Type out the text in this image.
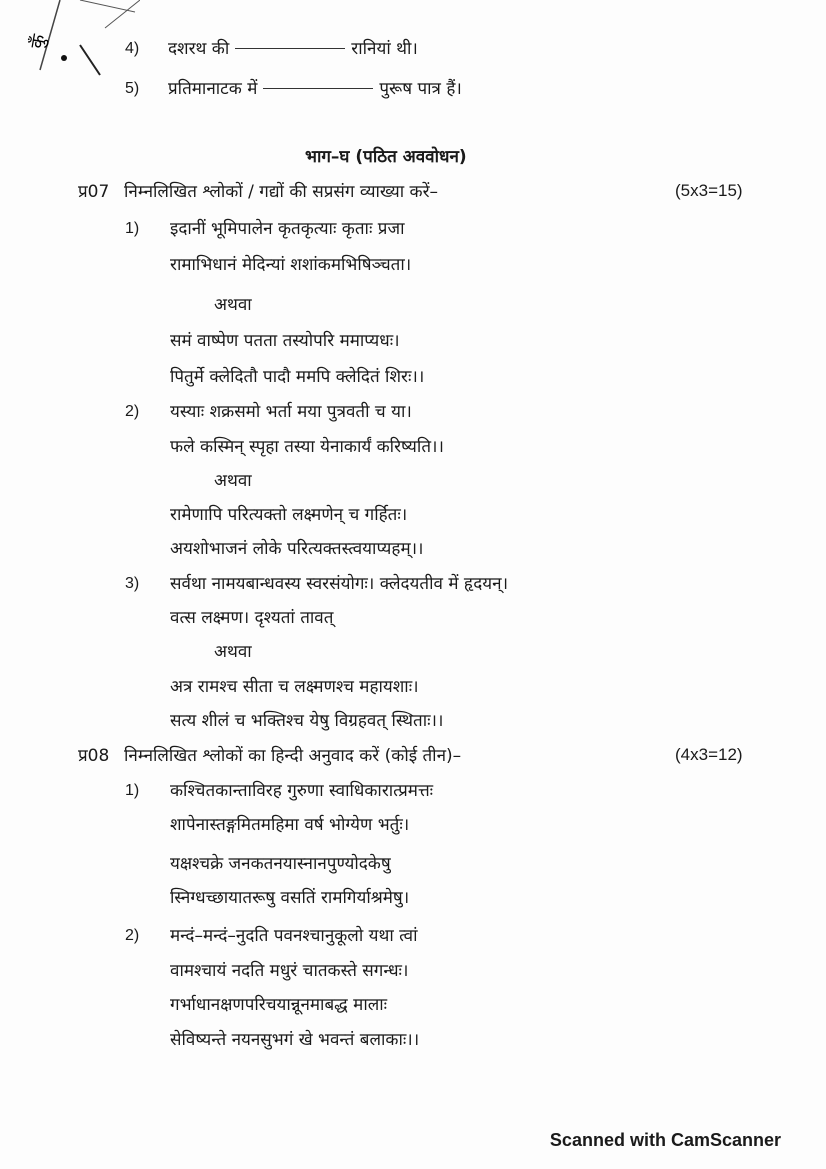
कुँ	4) दशरथ की	रानियां थी।
5) प्रतिमानाटक में	पुरूष पात्र हैं।
भाग–घ (पठित अववोधन)
प्र07 निम्नलिखित श्लोकों / गद्यों की सप्रसंग व्याख्या करें–	(5x3=15)
1) इदानीं भूमिपालेन कृतकृत्याः कृताः प्रजा
रामाभिधानं मेदिन्यां शशांकमभिषिञ्चता।
अथवा
समं वाष्पेण पतता तस्योपरि ममाप्यधः।
पितुर्मे क्लेदितौ पादौ ममपि क्लेदितं शिरः।।
2) यस्याः शक्रसमो भर्ता मया पुत्रवती च या।
फले कस्मिन् स्पृहा तस्या येनाकार्यं करिष्यति।।
अथवा
रामेणापि परित्यक्तो लक्ष्मणेन् च गर्हितः।
अयशोभाजनं लोके परित्यक्तस्त्वयाप्यहम्।।
3) सर्वथा नामयबान्धवस्य स्वरसंयोगः। क्लेदयतीव में हृदयन्।
वत्स लक्ष्मण। दृश्यतां तावत्
अथवा
अत्र रामश्च सीता च लक्ष्मणश्च महायशाः।
सत्य शीलं च भक्तिश्च येषु विग्रहवत् स्थिताः।।
प्र08 निम्नलिखित श्लोकों का हिन्दी अनुवाद करें (कोई तीन)–	(4x3=12)
1) कश्चितकान्ताविरह गुरुणा स्वाधिकारात्प्रमत्तः
शापेनास्तङ्गमितमहिमा वर्ष भोग्येण भर्तुः।
यक्षश्चक्रे जनकतनयास्नानपुण्योदकेषु
स्निग्धच्छायातरूषु वसतिं रामगिर्याश्रमेषु।
2) मन्दं–मन्दं–नुदति पवनश्चानुकूलो यथा त्वां
वामश्चायं नदति मधुरं चातकस्ते सगन्धः।
गर्भाधानक्षणपरिचयान्नूनमाबद्ध मालाः
सेविष्यन्ते नयनसुभगं खे भवन्तं बलाकाः।।
Scanned with CamScanner
